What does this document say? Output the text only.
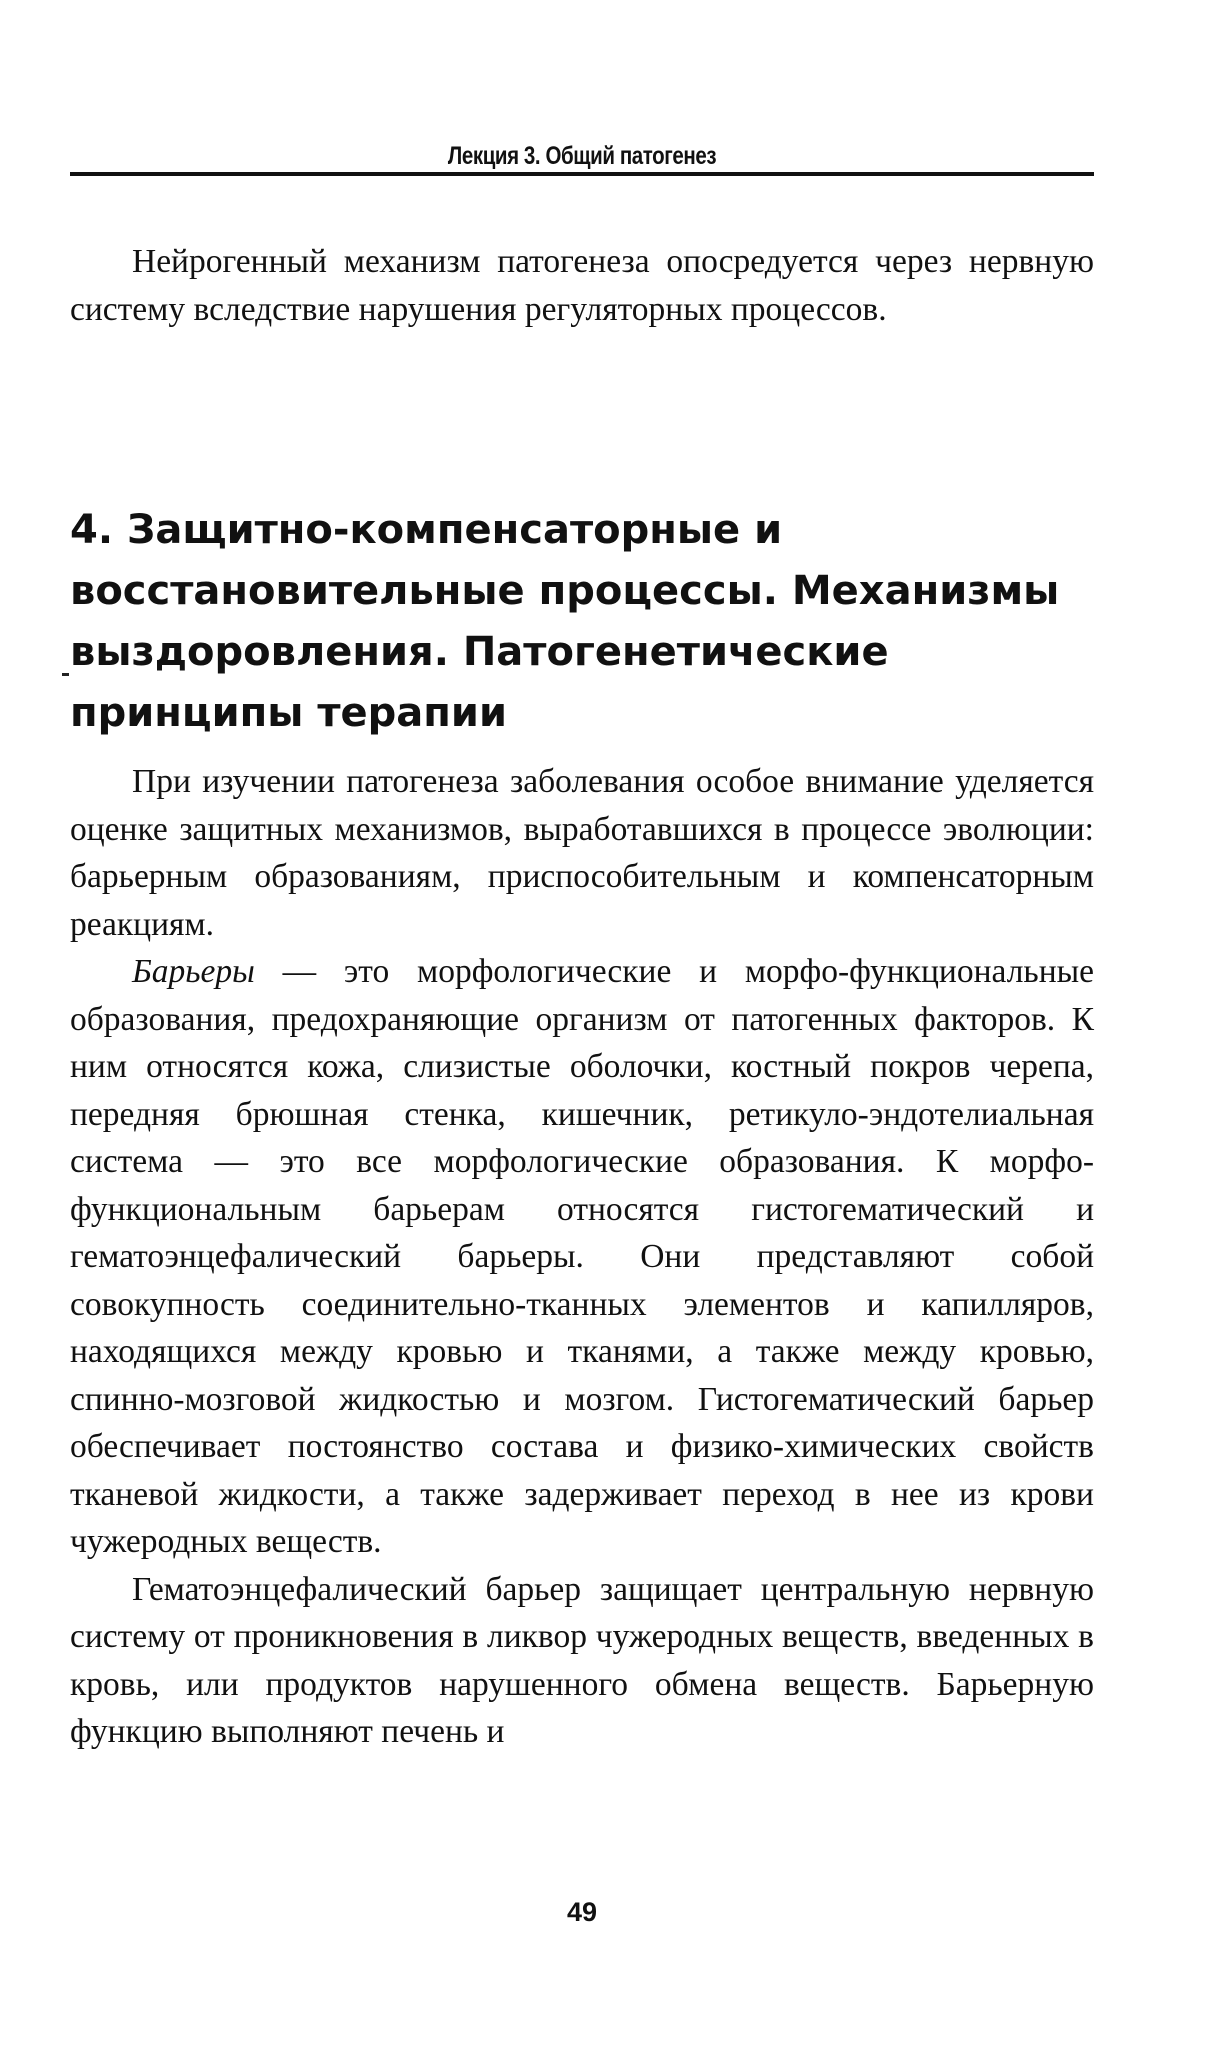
Лекция 3. Общий патогенез

Нейрогенный механизм патогенеза опосредуется через нервную систему вследствие нарушения регуляторных процессов.

4. Защитно-компенсаторные и восстановительные процессы. Механизмы выздоровления. Патогенетические принципы терапии

При изучении патогенеза заболевания особое внимание уделяется оценке защитных механизмов, выработавшихся в процессе эволюции: барьерным образованиям, приспособительным и компенсаторным реакциям.

Барьеры — это морфологические и морфо-функциональные образования, предохраняющие организм от патогенных факторов. К ним относятся кожа, слизистые оболочки, костный покров черепа, передняя брюшная стенка, кишечник, ретикуло-эндотелиальная система — это все морфологические образования. К морфо-функциональным барьерам относятся гистогематический и гематоэнцефалический барьеры. Они представляют собой совокупность соединительно-тканных элементов и капилляров, находящихся между кровью и тканями, а также между кровью, спинно-мозговой жидкостью и мозгом. Гистогематический барьер обеспечивает постоянство состава и физико-химических свойств тканевой жидкости, а также задерживает переход в нее из крови чужеродных веществ.

Гематоэнцефалический барьер защищает центральную нервную систему от проникновения в ликвор чужеродных веществ, введенных в кровь, или продуктов нарушенного обмена веществ. Барьерную функцию выполняют печень и

49
